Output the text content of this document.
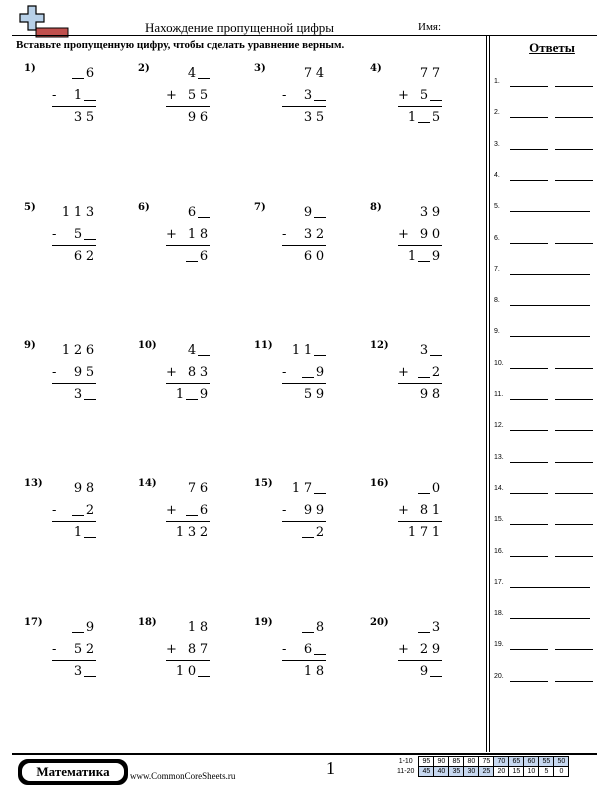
Нахождение пропущенной цифры	Имя:
Вставьте пропущенную цифру, чтобы сделать уравнение верным.	Ответы
1.
2.
3.
4.
5.
6.
7.
8.
9.
10.
11.
12.
13.
14.
15.
16.
17.
18.
19.
20.
1)	6
- 1
3 5
2)	4
+ 5 5
9 6
3)	7 4
- 3
3 5
4)	7 7
+ 5
1 5
5) 1 1 3
- 5
6 2
6)	6
+ 1 8
6
7)	9
- 3 2
6 0
8)	3 9
+ 9 0
1 9
9) 1 2 6
- 9 5
3
10) 4
+ 8 3
1 9
11) 1 1
- 9
5 9
12) 3
+ 2
9 8
13) 9 8
- 2
1
14) 7 6
+ 6
1 3 2
15) 1 7
- 9 9
2
16)	0
+ 8 1
1 7 1
17)	9
- 5 2
3
18) 1 8
+ 8 7
1 0
19)	8
- 6
1 8
20)	3
+ 2 9
9
Математика	www.CommonCoreSheets.ru	1	1-10	95	90	85	80	75	70	65	60	55	50
11-20	45	40	35	30	25	20	15	10	5	0
